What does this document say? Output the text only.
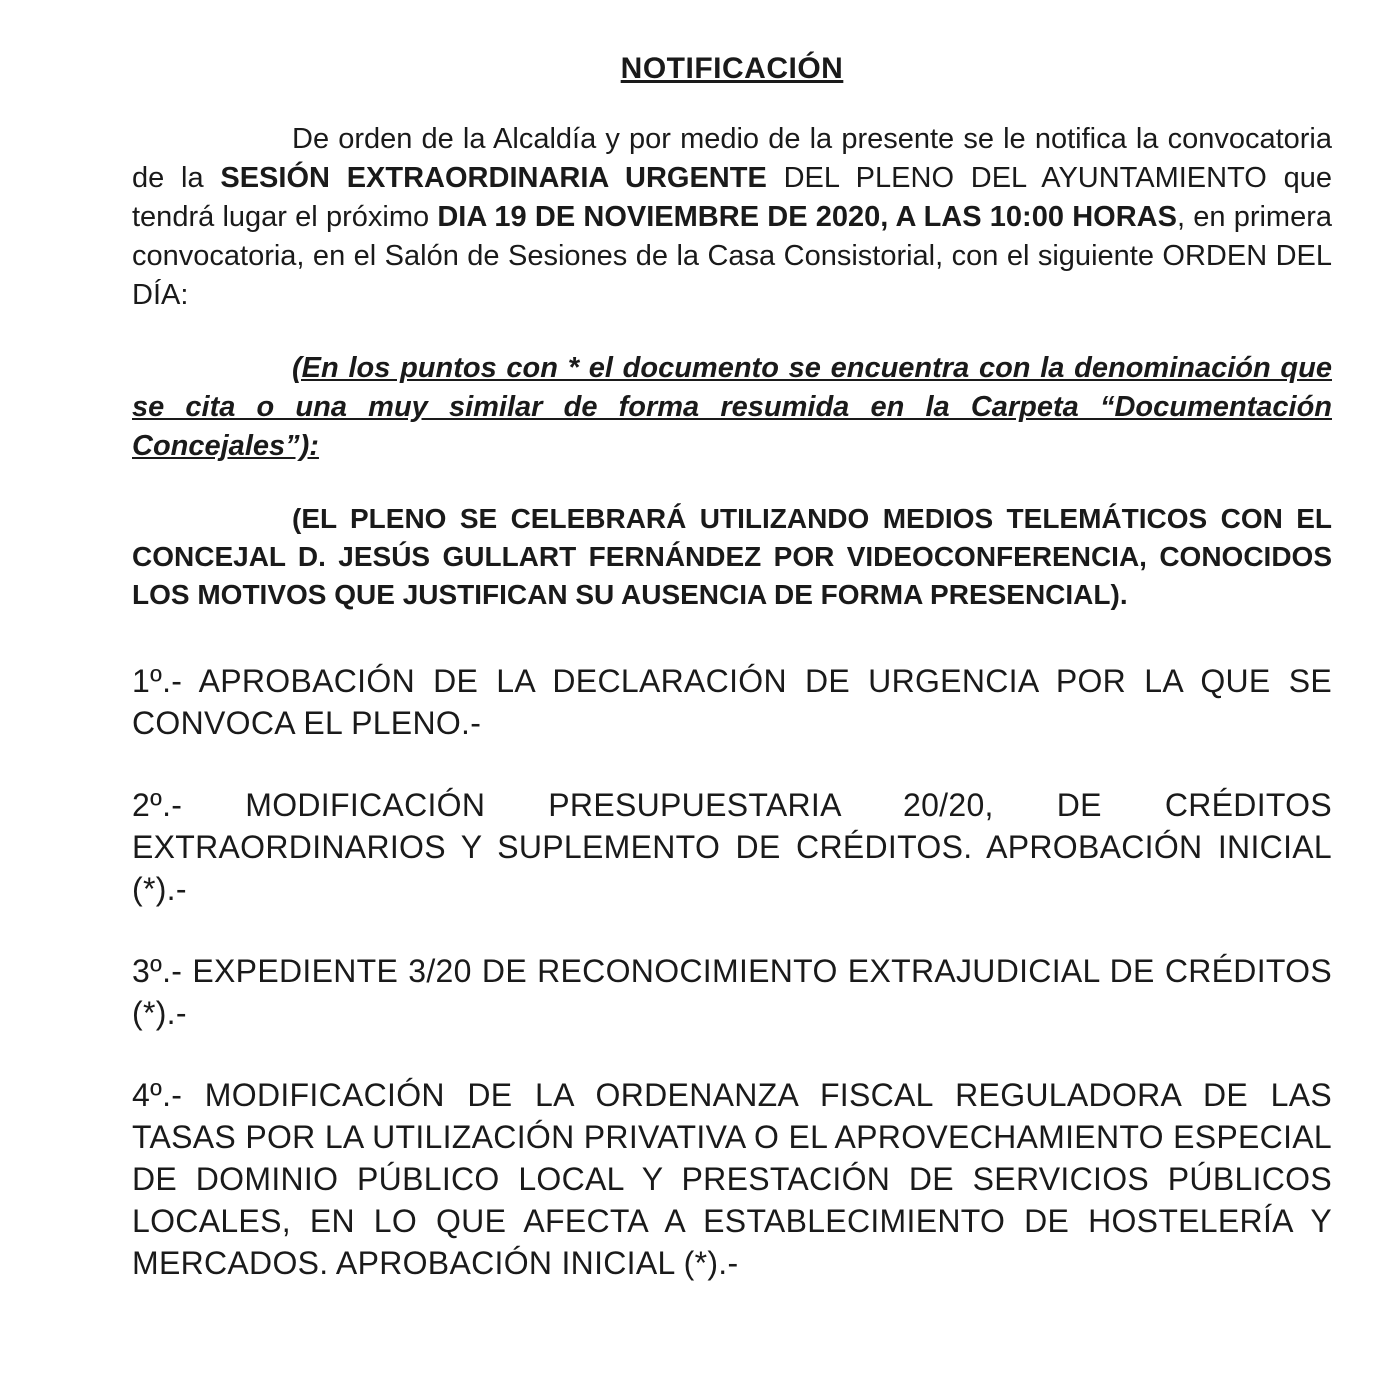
NOTIFICACIÓN

De orden de la Alcaldía y por medio de la presente se le notifica la convocatoria de la SESIÓN EXTRAORDINARIA URGENTE DEL PLENO DEL AYUNTAMIENTO que tendrá lugar el próximo DIA 19 DE NOVIEMBRE DE 2020, A LAS 10:00 HORAS, en primera convocatoria, en el Salón de Sesiones de la Casa Consistorial, con el siguiente ORDEN DEL DÍA:

(En los puntos con * el documento se encuentra con la denominación que se cita o una muy similar de forma resumida en la Carpeta “Documentación Concejales”):

(EL PLENO SE CELEBRARÁ UTILIZANDO MEDIOS TELEMÁTICOS CON EL CONCEJAL D. JESÚS GULLART FERNÁNDEZ POR VIDEOCONFERENCIA, CONOCIDOS LOS MOTIVOS QUE JUSTIFICAN SU AUSENCIA DE FORMA PRESENCIAL).

1º.- APROBACIÓN DE LA DECLARACIÓN DE URGENCIA POR LA QUE SE CONVOCA EL PLENO.-

2º.- MODIFICACIÓN PRESUPUESTARIA 20/20, DE CRÉDITOS EXTRAORDINARIOS Y SUPLEMENTO DE CRÉDITOS. APROBACIÓN INICIAL (*).-

3º.- EXPEDIENTE 3/20 DE RECONOCIMIENTO EXTRAJUDICIAL DE CRÉDITOS (*).-

4º.- MODIFICACIÓN DE LA ORDENANZA FISCAL REGULADORA DE LAS TASAS POR LA UTILIZACIÓN PRIVATIVA O EL APROVECHAMIENTO ESPECIAL DE DOMINIO PÚBLICO LOCAL Y PRESTACIÓN DE SERVICIOS PÚBLICOS LOCALES, EN LO QUE AFECTA A ESTABLECIMIENTO DE HOSTELERÍA Y MERCADOS. APROBACIÓN INICIAL (*).-
